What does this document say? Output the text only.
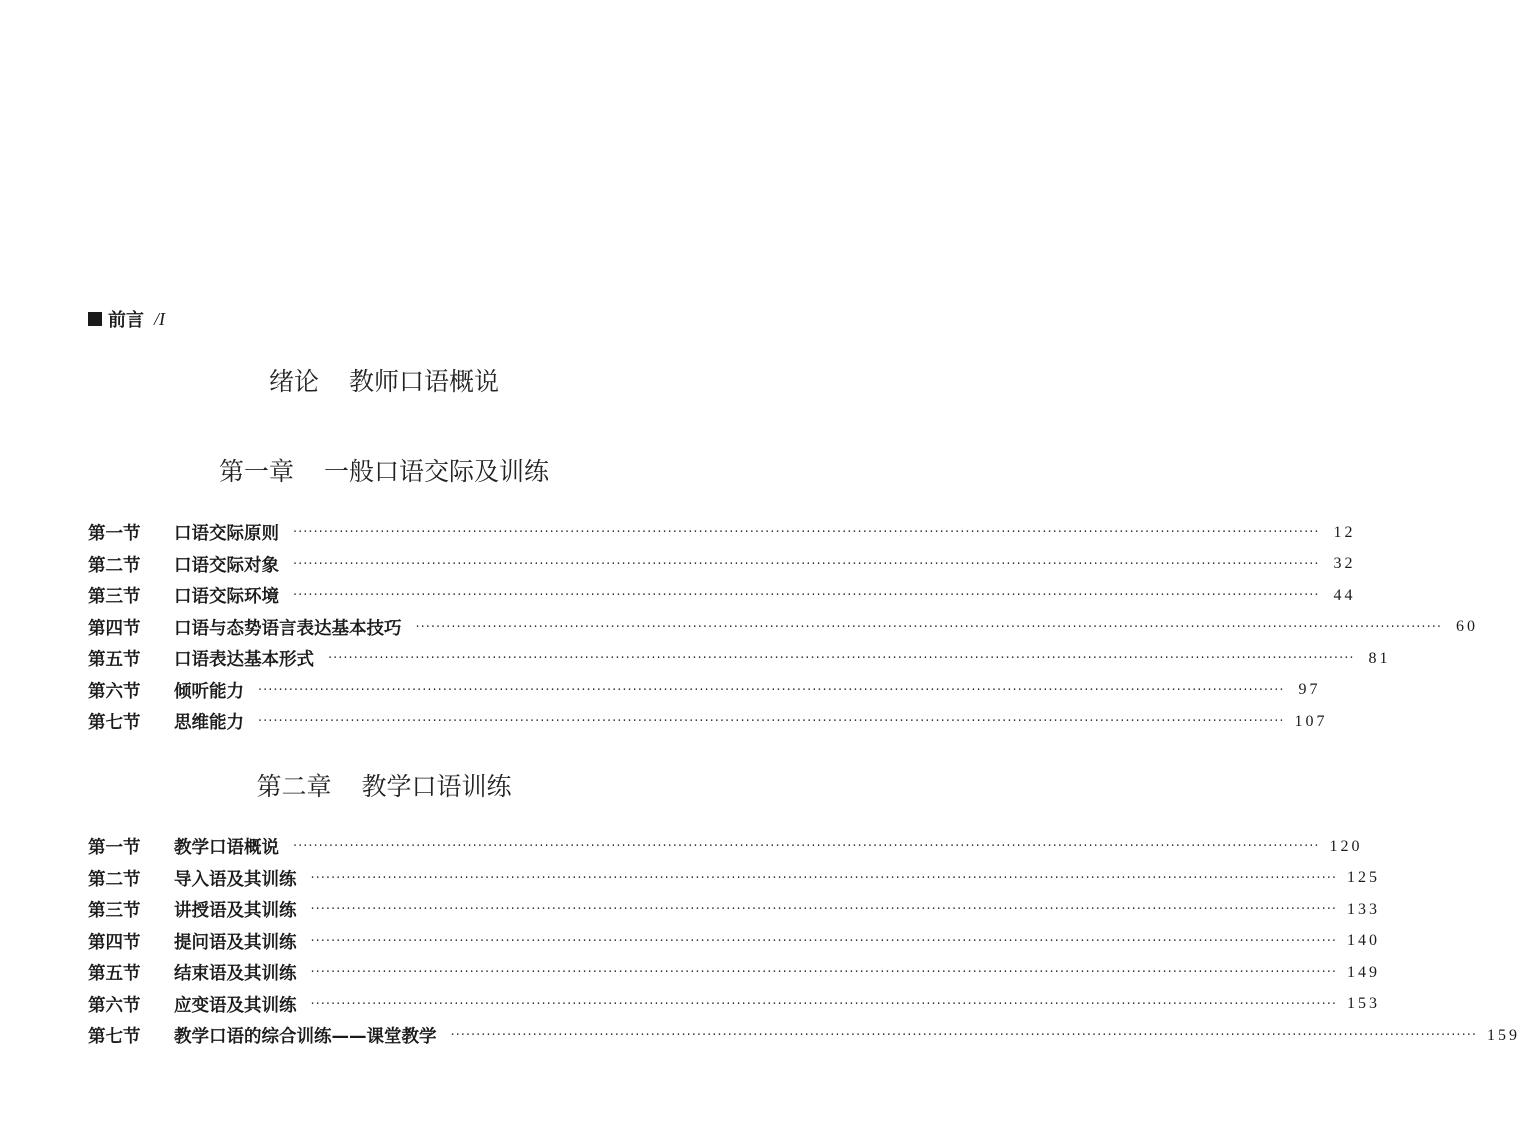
前言 /I
绪论 教师口语概说
第一章 一般口语交际及训练
第一节	口语交际原则 ········································································································································································································ 12
第二节	口语交际对象 ········································································································································································································ 32
第三节	口语交际环境 ········································································································································································································ 44
第四节	口语与态势语言表达基本技巧 ········································································································································································································ 60
第五节	口语表达基本形式 ········································································································································································································ 81
第六节	倾听能力 ········································································································································································································ 97
第七节	思维能力 ········································································································································································································ 107
第二章 教学口语训练
第一节	教学口语概说 ········································································································································································································ 120
第二节	导入语及其训练 ········································································································································································································ 125
第三节	讲授语及其训练 ········································································································································································································ 133
第四节	提问语及其训练 ········································································································································································································ 140
第五节	结束语及其训练 ········································································································································································································ 149
第六节	应变语及其训练 ········································································································································································································ 153
第七节	教学口语的综合训练——课堂教学 ········································································································································································································ 159
